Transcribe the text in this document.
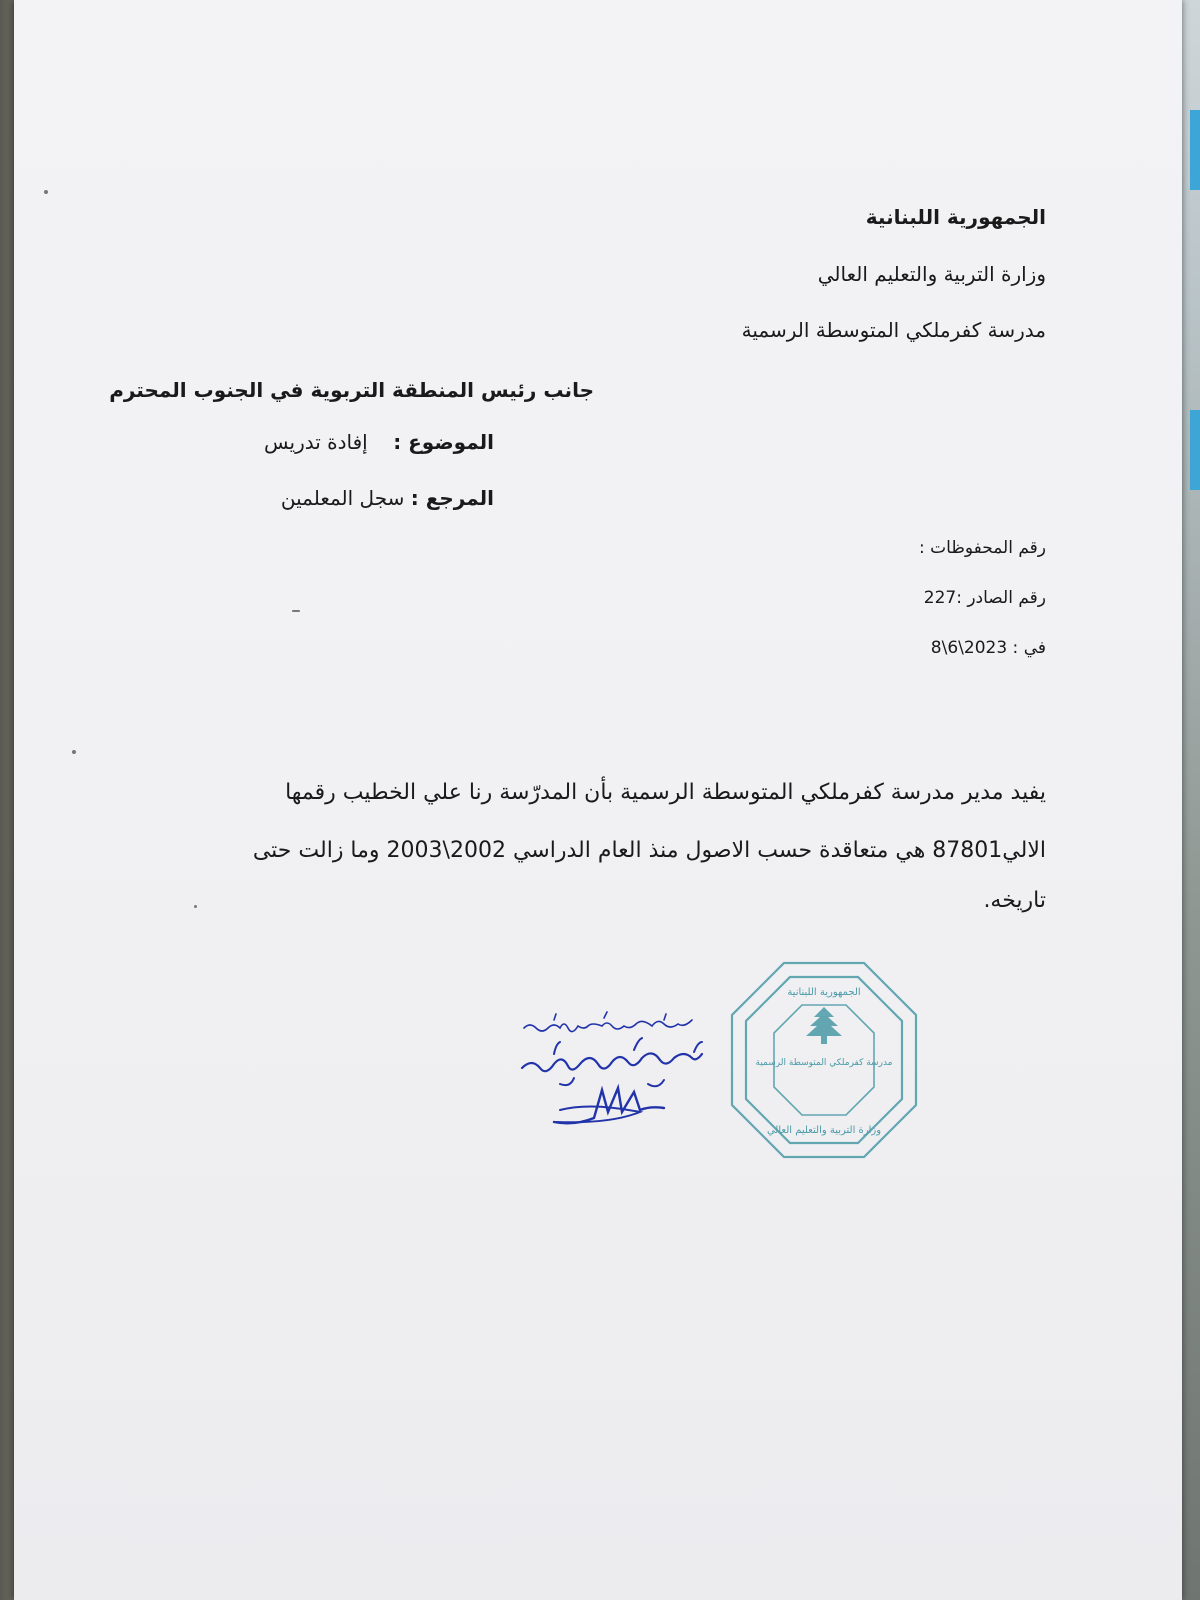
الجمهورية اللبنانية
وزارة التربية والتعليم العالي
مدرسة كفرملكي المتوسطة الرسمية
جانب رئيس المنطقة التربوية في الجنوب المحترم
الموضوع :    إفادة تدريس
المرجع : سجل المعلمين
رقم المحفوظات :
رقم الصادر :227
في : 2023\6\8
يفيد مدير مدرسة كفرملكي المتوسطة الرسمية بأن المدرّسة رنا علي الخطيب رقمها
الالي87801 هي متعاقدة حسب الاصول منذ العام الدراسي 2002\2003 وما زالت حتى
تاريخه.
مدرسة كفرملكي المتوسطة الرسمية
الجمهورية اللبنانية
وزارة التربية والتعليم العالي
